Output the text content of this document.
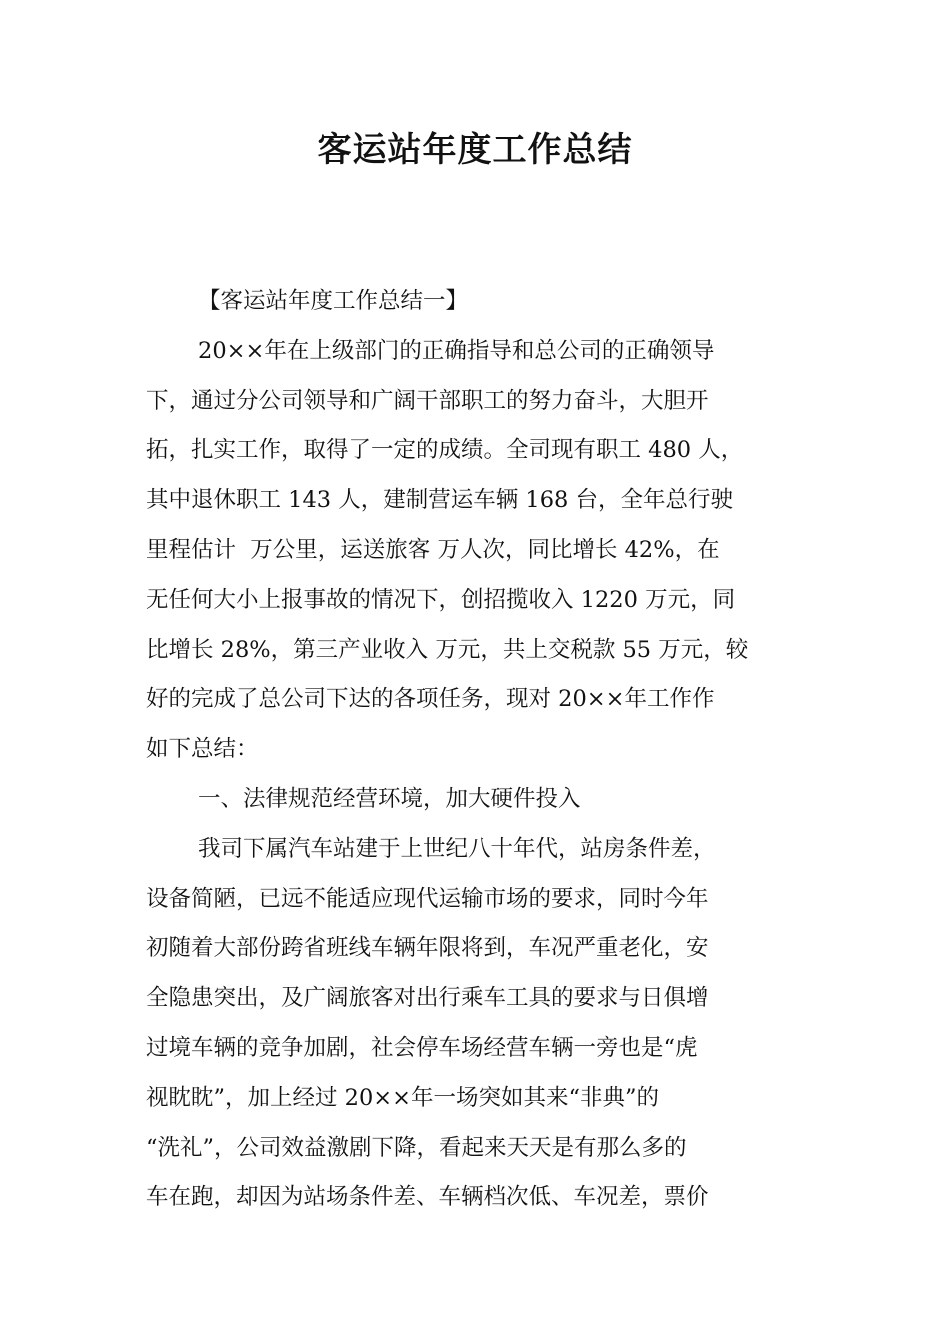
客运站年度工作总结
【客运站年度工作总结一】
20××年在上级部门的正确指导和总公司的正确领导
下，通过分公司领导和广阔干部职工的努力奋斗，大胆开
拓，扎实工作，取得了一定的成绩。全司现有职工 480 人，
其中退休职工 143 人，建制营运车辆 168 台，全年总行驶
里程估计  万公里，运送旅客 万人次，同比增长 42%，在
无任何大小上报事故的情况下，创招揽收入 1220 万元，同
比增长 28%，第三产业收入 万元，共上交税款 55 万元，较
好的完成了总公司下达的各项任务，现对 20××年工作作
如下总结：
一、法律规范经营环境，加大硬件投入
我司下属汽车站建于上世纪八十年代，站房条件差，
设备简陋，已远不能适应现代运输市场的要求，同时今年
初随着大部份跨省班线车辆年限将到，车况严重老化，安
全隐患突出，及广阔旅客对出行乘车工具的要求与日俱增
过境车辆的竞争加剧，社会停车场经营车辆一旁也是“虎
视眈眈”，加上经过 20××年一场突如其来“非典”的
“洗礼”，公司效益激剧下降，看起来天天是有那么多的
车在跑，却因为站场条件差、车辆档次低、车况差，票价
